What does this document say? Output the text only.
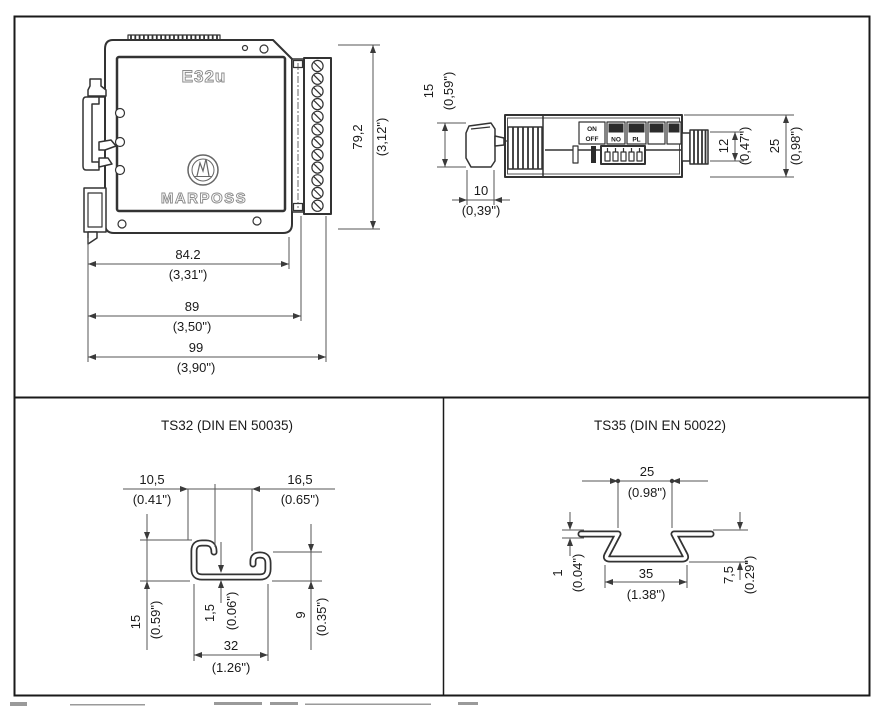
E32u
MARPOSS
79,2 (3,12")
84.2
(3,31")
89
(3,50")
99
(3,90")
ON
OFF NO PL
15 (0,59")
10
(0,39")
12 (0,47") 25 (0,98")
TS32 (DIN EN 50035)
10,5
(0.41")
16,5
(0.65")
15 (0.59")	1,5 (0.06")	9 (0.35")
32
(1.26")
TS35 (DIN EN 50022)
25
(0.98")
35
(1.38")
1 (0.04")	7,5 (0.29")
